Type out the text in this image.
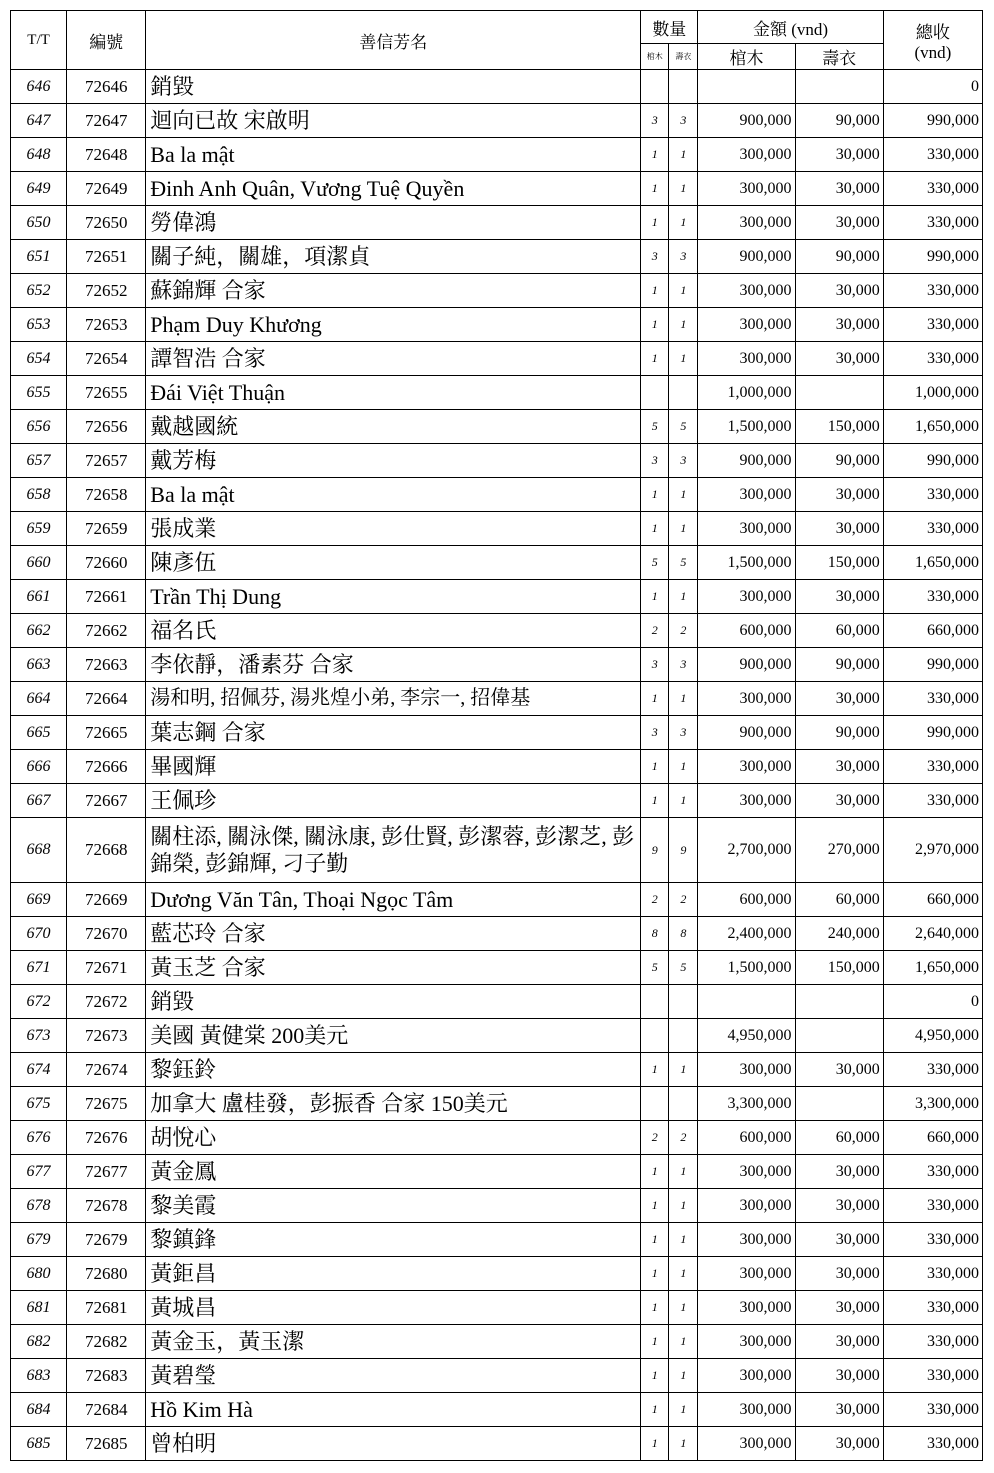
T/T	編號	善信芳名	數量		金額 (vnd)		總收
(vnd)
			棺木	壽衣	棺木	壽衣	
646	72646	銷毀					0
647	72647	迴向已故 宋啟明	3	3	900,000	90,000	990,000
648	72648	Ba la mật	1	1	300,000	30,000	330,000
649	72649	Đinh Anh Quân, Vương Tuệ Quyền	1	1	300,000	30,000	330,000
650	72650	勞偉鴻	1	1	300,000	30,000	330,000
651	72651	關子純，關雄，項潔貞	3	3	900,000	90,000	990,000
652	72652	蘇錦輝 合家	1	1	300,000	30,000	330,000
653	72653	Phạm Duy Khương	1	1	300,000	30,000	330,000
654	72654	譚智浩 合家	1	1	300,000	30,000	330,000
655	72655	Đái Việt Thuận			1,000,000		1,000,000
656	72656	戴越國統	5	5	1,500,000	150,000	1,650,000
657	72657	戴芳梅	3	3	900,000	90,000	990,000
658	72658	Ba la mật	1	1	300,000	30,000	330,000
659	72659	張成業	1	1	300,000	30,000	330,000
660	72660	陳彥伍	5	5	1,500,000	150,000	1,650,000
661	72661	Trần Thị Dung	1	1	300,000	30,000	330,000
662	72662	福名氏	2	2	600,000	60,000	660,000
663	72663	李依靜，潘素芬 合家	3	3	900,000	90,000	990,000
664	72664	湯和明, 招佩芬, 湯兆煌小弟, 李宗一, 招偉基	1	1	300,000	30,000	330,000
665	72665	葉志鋼 合家	3	3	900,000	90,000	990,000
666	72666	畢國輝	1	1	300,000	30,000	330,000
667	72667	王佩珍	1	1	300,000	30,000	330,000
668	72668	關柱添, 關泳傑, 關泳康, 彭仕賢, 彭潔蓉, 彭潔芝, 彭錦榮, 彭錦輝, 刁子勤	9	9	2,700,000	270,000	2,970,000
669	72669	Dương Văn Tân, Thoại Ngọc Tâm	2	2	600,000	60,000	660,000
670	72670	藍芯玲 合家	8	8	2,400,000	240,000	2,640,000
671	72671	黃玉芝 合家	5	5	1,500,000	150,000	1,650,000
672	72672	銷毀					0
673	72673	美國 黃健棠 200美元			4,950,000		4,950,000
674	72674	黎鈺鈴	1	1	300,000	30,000	330,000
675	72675	加拿大 盧桂發，彭振香 合家 150美元			3,300,000		3,300,000
676	72676	胡悅心	2	2	600,000	60,000	660,000
677	72677	黃金鳳	1	1	300,000	30,000	330,000
678	72678	黎美霞	1	1	300,000	30,000	330,000
679	72679	黎鎮鋒	1	1	300,000	30,000	330,000
680	72680	黃鉅昌	1	1	300,000	30,000	330,000
681	72681	黃城昌	1	1	300,000	30,000	330,000
682	72682	黃金玉，黃玉潔	1	1	300,000	30,000	330,000
683	72683	黃碧瑩	1	1	300,000	30,000	330,000
684	72684	Hồ Kim Hà	1	1	300,000	30,000	330,000
685	72685	曾柏明	1	1	300,000	30,000	330,000
